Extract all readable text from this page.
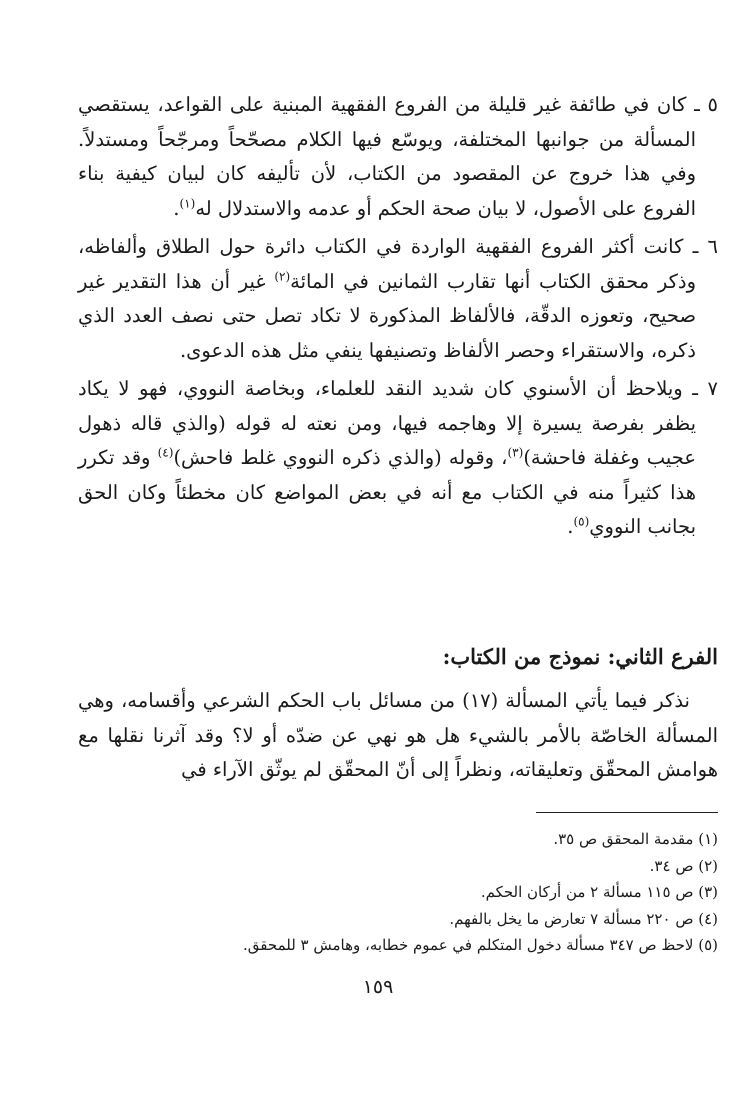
٥ ـ كان في طائفة غير قليلة من الفروع الفقهية المبنية على القواعد، يستقصي المسألة من جوانبها المختلفة، ويوسّع فيها الكلام مصحّحاً ومرجّحاً ومستدلاً. وفي هذا خروج عن المقصود من الكتاب، لأن تأليفه كان لبيان كيفية بناء الفروع على الأصول، لا بيان صحة الحكم أو عدمه والاستدلال له$^{(١)}$.

٦ ـ كانت أكثر الفروع الفقهية الواردة في الكتاب دائرة حول الطلاق وألفاظه، وذكر محقق الكتاب أنها تقارب الثمانين في المائة$^{(٢)}$ غير أن هذا التقدير غير صحيح، وتعوزه الدقّة، فالألفاظ المذكورة لا تكاد تصل حتى نصف العدد الذي ذكره، والاستقراء وحصر الألفاظ وتصنيفها ينفي مثل هذه الدعوى.

٧ ـ ويلاحظ أن الأسنوي كان شديد النقد للعلماء، وبخاصة النووي، فهو لا يكاد يظفر بفرصة يسيرة إلا وهاجمه فيها، ومن نعته له قوله (والذي قاله ذهول عجيب وغفلة فاحشة)$^{(٣)}$، وقوله (والذي ذكره النووي غلط فاحش)$^{(٤)}$ وقد تكرر هذا كثيراً منه في الكتاب مع أنه في بعض المواضع كان مخطئاً وكان الحق بجانب النووي$^{(٥)}$.

الفرع الثاني: نموذج من الكتاب:

نذكر فيما يأتي المسألة (١٧) من مسائل باب الحكم الشرعي وأقسامه، وهي المسألة الخاصّة بالأمر بالشيء هل هو نهي عن ضدّه أو لا؟ وقد آثرنا نقلها مع هوامش المحقّق وتعليقاته، ونظراً إلى أنّ المحقّق لم يوثّق الآراء في

(١) مقدمة المحقق ص ٣٥.

(٢) ص ٣٤.

(٣) ص ١١٥ مسألة ٢ من أركان الحكم.

(٤) ص ٢٢٠ مسألة ٧ تعارض ما يخل بالفهم.

(٥) لاحظ ص ٣٤٧ مسألة دخول المتكلم في عموم خطابه، وهامش ٣ للمحقق.

١٥٩
